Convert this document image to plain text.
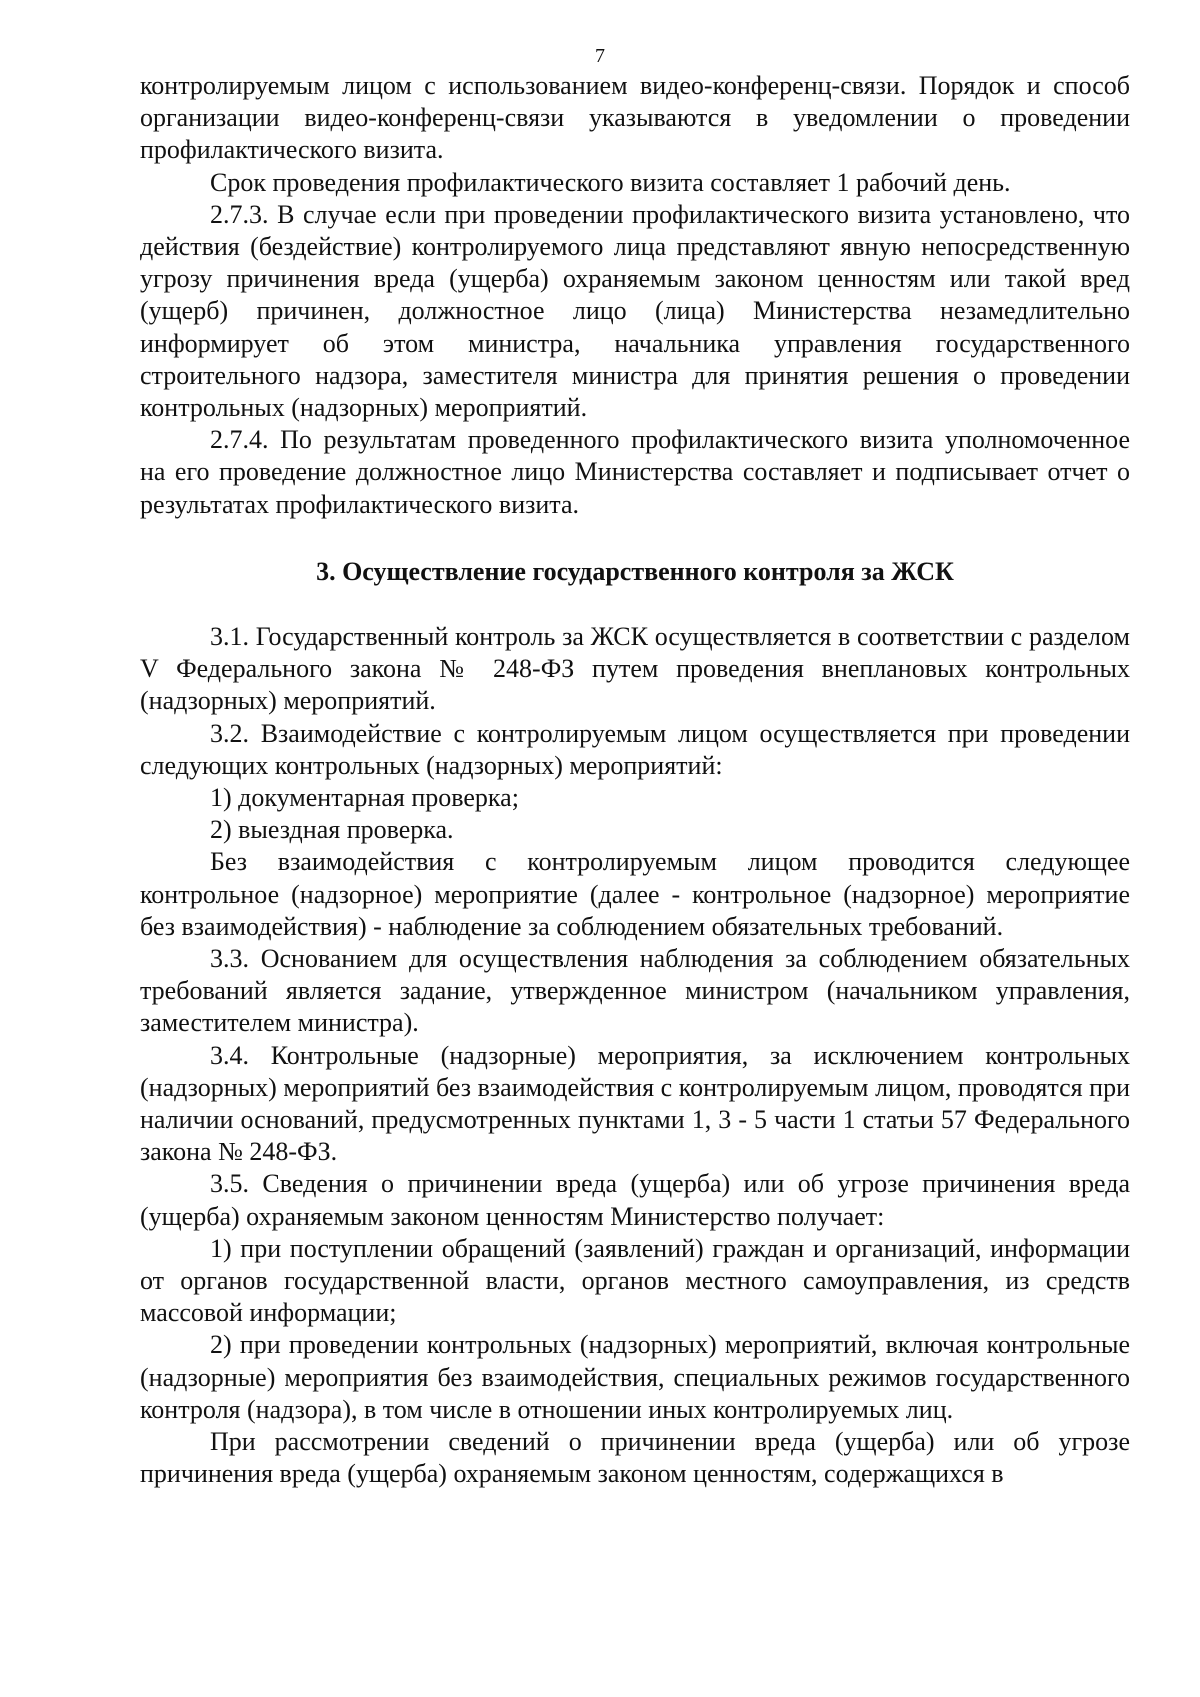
7

контролируемым лицом с использованием видео-конференц-связи. Порядок и способ организации видео-конференц-связи указываются в уведомлении о проведении профилактического визита.

Срок проведения профилактического визита составляет 1 рабочий день.

2.7.3. В случае если при проведении профилактического визита установлено, что действия (бездействие) контролируемого лица представляют явную непосредственную угрозу причинения вреда (ущерба) охраняемым законом ценностям или такой вред (ущерб) причинен, должностное лицо (лица) Министерства незамедлительно информирует об этом министра, начальника управления государственного строительного надзора, заместителя министра для принятия решения о проведении контрольных (надзорных) мероприятий.

2.7.4. По результатам проведенного профилактического визита уполномоченное на его проведение должностное лицо Министерства составляет и подписывает отчет о результатах профилактического визита.

3. Осуществление государственного контроля за ЖСК

3.1. Государственный контроль за ЖСК осуществляется в соответствии с разделом V Федерального закона № 248-ФЗ путем проведения внеплановых контрольных (надзорных) мероприятий.

3.2. Взаимодействие с контролируемым лицом осуществляется при проведении следующих контрольных (надзорных) мероприятий:

1) документарная проверка;

2) выездная проверка.

Без взаимодействия с контролируемым лицом проводится следующее контрольное (надзорное) мероприятие (далее - контрольное (надзорное) мероприятие без взаимодействия) - наблюдение за соблюдением обязательных требований.

3.3. Основанием для осуществления наблюдения за соблюдением обязательных требований является задание, утвержденное министром (начальником управления, заместителем министра).

3.4. Контрольные (надзорные) мероприятия, за исключением контрольных (надзорных) мероприятий без взаимодействия с контролируемым лицом, проводятся при наличии оснований, предусмотренных пунктами 1, 3 - 5 части 1 статьи 57 Федерального закона № 248-ФЗ.

3.5. Сведения о причинении вреда (ущерба) или об угрозе причинения вреда (ущерба) охраняемым законом ценностям Министерство получает:

1) при поступлении обращений (заявлений) граждан и организаций, информации от органов государственной власти, органов местного самоуправления, из средств массовой информации;

2) при проведении контрольных (надзорных) мероприятий, включая контрольные (надзорные) мероприятия без взаимодействия, специальных режимов государственного контроля (надзора), в том числе в отношении иных контролируемых лиц.

При рассмотрении сведений о причинении вреда (ущерба) или об угрозе причинения вреда (ущерба) охраняемым законом ценностям, содержащихся в
